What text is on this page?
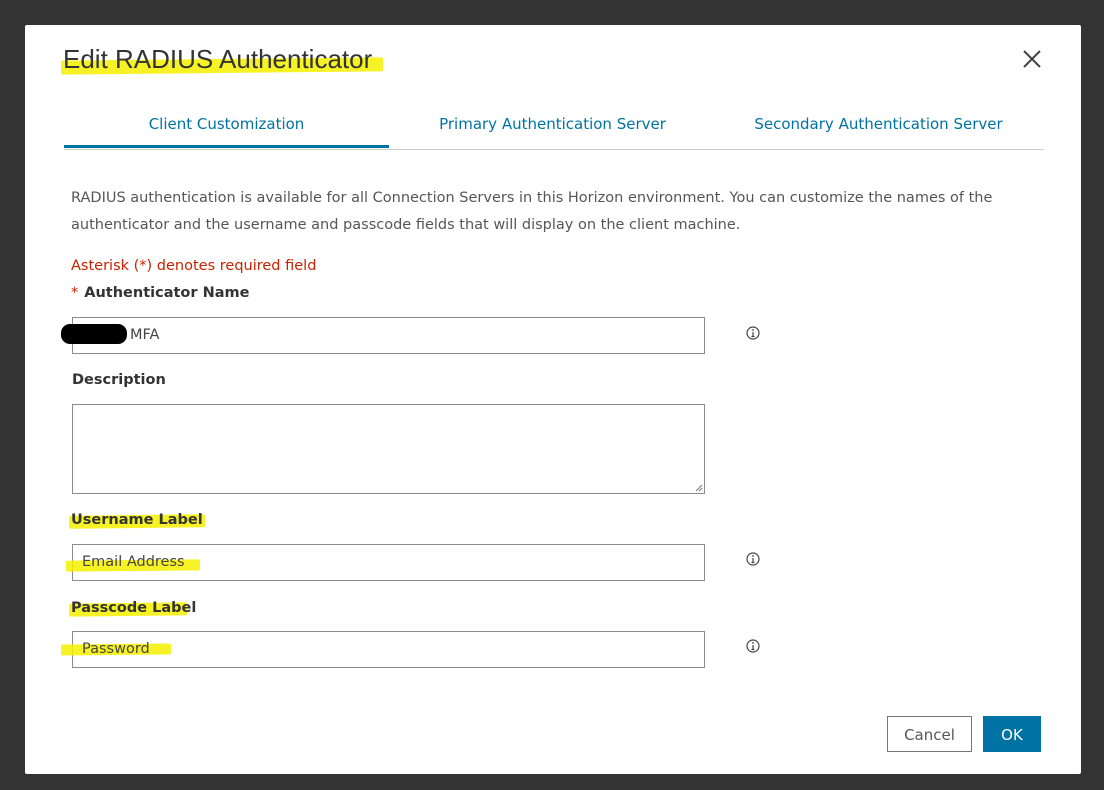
Edit RADIUS Authenticator
Client Customization	Primary Authentication Server	Secondary Authentication Server
RADIUS authentication is available for all Connection Servers in this Horizon environment. You can customize the names of the authenticator and the username and passcode fields that will display on the client machine.
Asterisk (*) denotes required field
* Authenticator Name
MFA
Description
Username Label
Email Address
Passcode Label
Password
Cancel	OK
